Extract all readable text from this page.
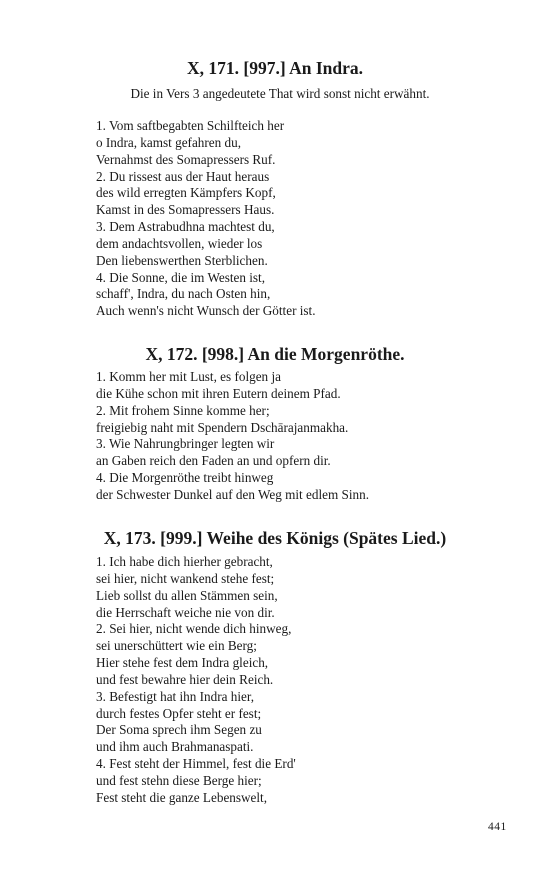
X, 171. [997.] An Indra.
Die in Vers 3 angedeutete That wird sonst nicht erwähnt.
1. Vom saftbegabten Schilfteich her
o Indra, kamst gefahren du,
Vernahmst des Somapressers Ruf.
2. Du rissest aus der Haut heraus
des wild erregten Kämpfers Kopf,
Kamst in des Somapressers Haus.
3. Dem Astrabudhna machtest du,
dem andachtsvollen, wieder los
Den liebenswerthen Sterblichen.
4. Die Sonne, die im Westen ist,
schaff', Indra, du nach Osten hin,
Auch wenn's nicht Wunsch der Götter ist.
X, 172. [998.] An die Morgenröthe.
1. Komm her mit Lust, es folgen ja
die Kühe schon mit ihren Eutern deinem Pfad.
2. Mit frohem Sinne komme her;
freigiebig naht mit Spendern Dschārajanmakha.
3. Wie Nahrungbringer legten wir
an Gaben reich den Faden an und opfern dir.
4. Die Morgenröthe treibt hinweg
der Schwester Dunkel auf den Weg mit edlem Sinn.
X, 173. [999.] Weihe des Königs (Spätes Lied.)
1. Ich habe dich hierher gebracht,
sei hier, nicht wankend stehe fest;
Lieb sollst du allen Stämmen sein,
die Herrschaft weiche nie von dir.
2. Sei hier, nicht wende dich hinweg,
sei unerschüttert wie ein Berg;
Hier stehe fest dem Indra gleich,
und fest bewahre hier dein Reich.
3. Befestigt hat ihn Indra hier,
durch festes Opfer steht er fest;
Der Soma sprech ihm Segen zu
und ihm auch Brahmanaspati.
4. Fest steht der Himmel, fest die Erd'
und fest stehn diese Berge hier;
Fest steht die ganze Lebenswelt,
441
